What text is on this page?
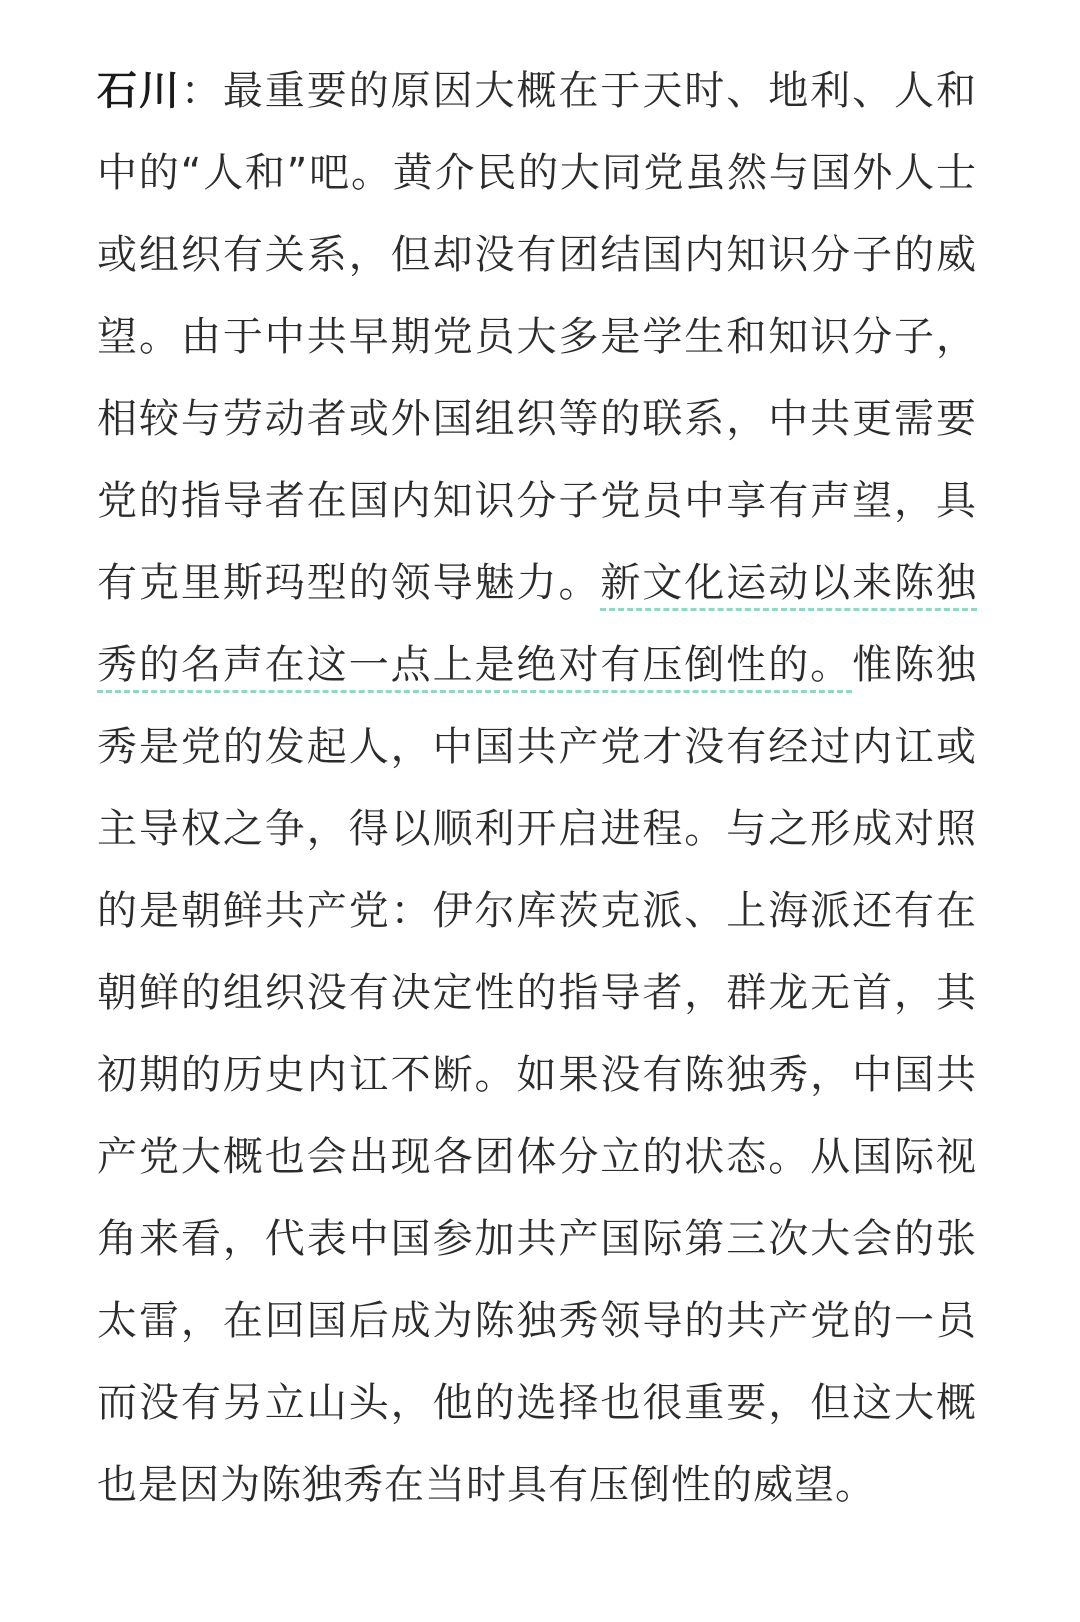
石川：最重要的原因大概在于天时、地利、人和中的“人和”吧。黄介民的大同党虽然与国外人士或组织有关系，但却没有团结国内知识分子的威望。由于中共早期党员大多是学生和知识分子，相较与劳动者或外国组织等的联系，中共更需要党的指导者在国内知识分子党员中享有声望，具有克里斯玛型的领导魅力。新文化运动以来陈独秀的名声在这一点上是绝对有压倒性的。惟陈独秀是党的发起人，中国共产党才没有经过内讧或主导权之争，得以顺利开启进程。与之形成对照的是朝鲜共产党：伊尔库茨克派、上海派还有在朝鲜的组织没有决定性的指导者，群龙无首，其初期的历史内讧不断。如果没有陈独秀，中国共产党大概也会出现各团体分立的状态。从国际视角来看，代表中国参加共产国际第三次大会的张太雷，在回国后成为陈独秀领导的共产党的一员而没有另立山头，他的选择也很重要，但这大概也是因为陈独秀在当时具有压倒性的威望。
